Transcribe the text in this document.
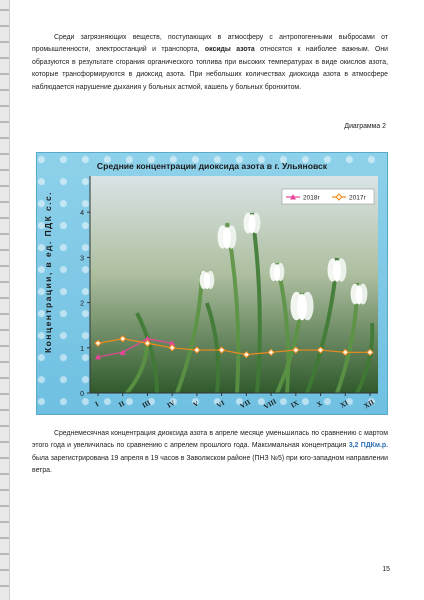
Среди загрязняющих веществ, поступающих в атмосферу с антропогенными выбросами от промышленности, электростанций и транспорта, оксиды азота относятся к наиболее важным. Они образуются в результате сгорания органического топлива при высоких температурах в виде окислов азота, которые трансформируются в диоксид азота. При небольших количествах диоксида азота в атмосфере наблюдается нарушение дыхания у больных астмой, кашель у больных бронхитом.
Диаграмма 2
Средние концентрации диоксида азота в г. Ульяновск
Концентрации, в ед. ПДК с.с.
0
1
2
3
4
I II III IV V VI VII VIII IX X XI XII
2018г	2017г
Среднемесячная концентрация диоксида азота в апреле месяце уменьшилась по сравнению с мартом этого года и увеличилась по сравнению с апрелем прошлого года. Максимальная концентрация 3,2 ПДКм.р. была зарегистрирована 19 апреля в 19 часов в Заволжском районе (ПНЗ №5) при юго-западном направлении ветра.
15
